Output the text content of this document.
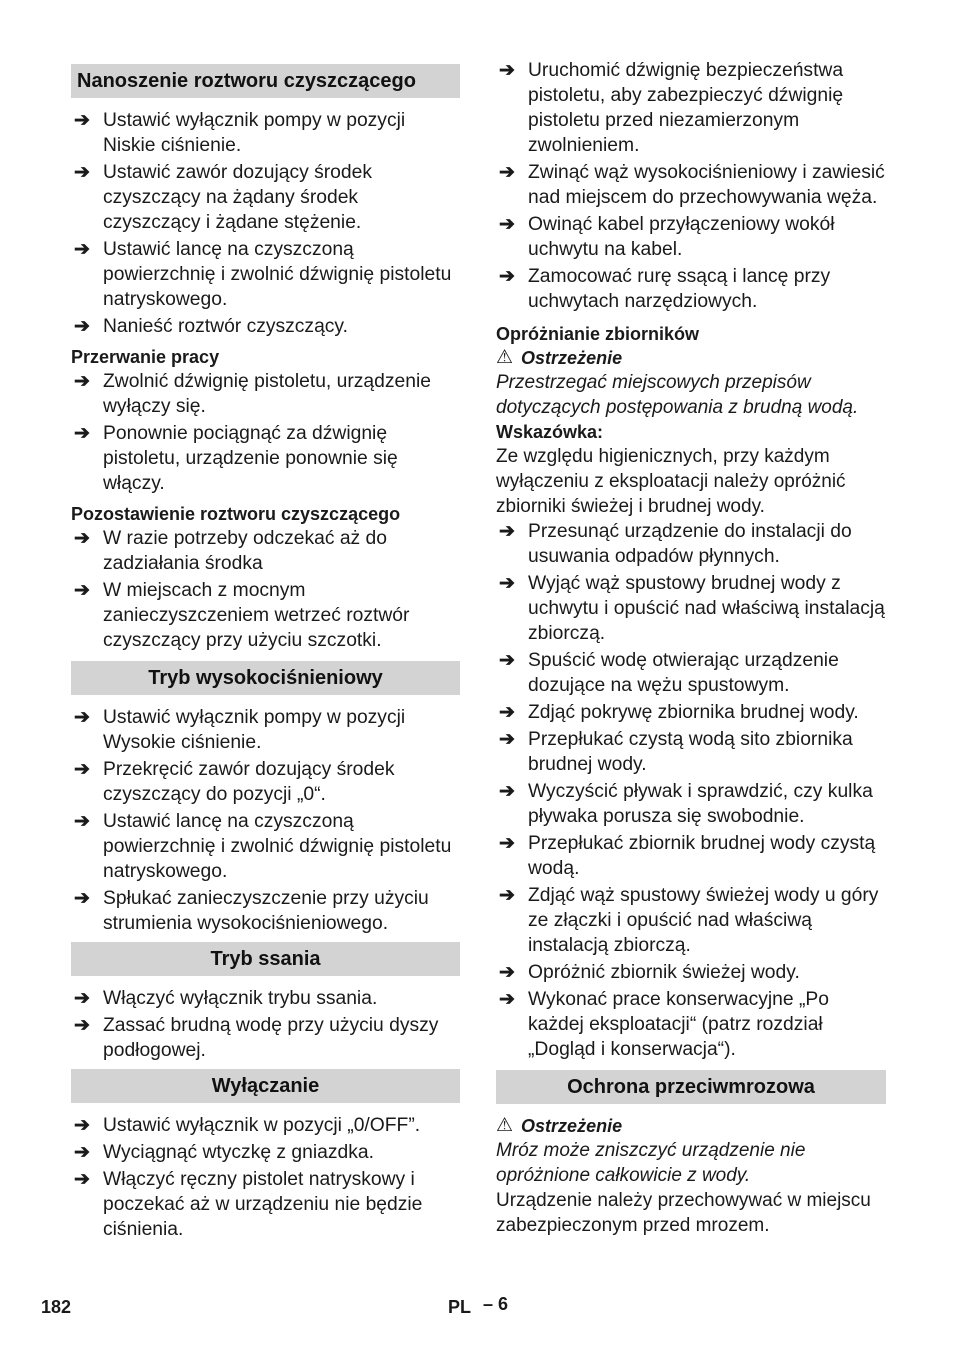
Nanoszenie roztworu czyszczącego
➔ Ustawić wyłącznik pompy w pozycji Niskie ciśnienie.
➔ Ustawić zawór dozujący środek czyszczący na żądany środek czyszczący i żądane stężenie.
➔ Ustawić lancę na czyszczoną powierzchnię i zwolnić dźwignię pistoletu natryskowego.
➔ Nanieść roztwór czyszczący.
Przerwanie pracy
➔ Zwolnić dźwignię pistoletu, urządzenie wyłączy się.
➔ Ponownie pociągnąć za dźwignię pistoletu, urządzenie ponownie się włączy.
Pozostawienie roztworu czyszczącego
➔ W razie potrzeby odczekać aż do zadziałania środka
➔ W miejscach z mocnym zanieczyszczeniem wetrzeć roztwór czyszczący przy użyciu szczotki.
Tryb wysokociśnieniowy
➔ Ustawić wyłącznik pompy w pozycji Wysokie ciśnienie.
➔ Przekręcić zawór dozujący środek czyszczący do pozycji „0“.
➔ Ustawić lancę na czyszczoną powierzchnię i zwolnić dźwignię pistoletu natryskowego.
➔ Spłukać zanieczyszczenie przy użyciu strumienia wysokociśnieniowego.
Tryb ssania
➔ Włączyć wyłącznik trybu ssania.
➔ Zassać brudną wodę przy użyciu dyszy podłogowej.
Wyłączanie
➔ Ustawić wyłącznik w pozycji „0/OFF”.
➔ Wyciągnąć wtyczkę z gniazdka.
➔ Włączyć ręczny pistolet natryskowy i poczekać aż w urządzeniu nie będzie ciśnienia.
➔ Uruchomić dźwignię bezpieczeństwa pistoletu, aby zabezpieczyć dźwignię pistoletu przed niezamierzonym zwolnieniem.
➔ Zwinąć wąż wysokociśnieniowy i zawiesić nad miejscem do przechowywania węża.
➔ Owinąć kabel przyłączeniowy wokół uchwytu na kabel.
➔ Zamocować rurę ssącą i lancę przy uchwytach narzędziowych.
Opróżnianie zbiorników
⚠ Ostrzeżenie
Przestrzegać miejscowych przepisów dotyczących postępowania z brudną wodą.
Wskazówka:
Ze względu higienicznych, przy każdym wyłączeniu z eksploatacji należy opróżnić zbiorniki świeżej i brudnej wody.
➔ Przesunąć urządzenie do instalacji do usuwania odpadów płynnych.
➔ Wyjąć wąż spustowy brudnej wody z uchwytu i opuścić nad właściwą instalacją zbiorczą.
➔ Spuścić wodę otwierając urządzenie dozujące na wężu spustowym.
➔ Zdjąć pokrywę zbiornika brudnej wody.
➔ Przepłukać czystą wodą sito zbiornika brudnej wody.
➔ Wyczyścić pływak i sprawdzić, czy kulka pływaka porusza się swobodnie.
➔ Przepłukać zbiornik brudnej wody czystą wodą.
➔ Zdjąć wąż spustowy świeżej wody u góry ze złączki i opuścić nad właściwą instalacją zbiorczą.
➔ Opróżnić zbiornik świeżej wody.
➔ Wykonać prace konserwacyjne „Po każdej eksploatacji“ (patrz rozdział „Dogląd i konserwacja“).
Ochrona przeciwmrozowa
⚠ Ostrzeżenie
Mróz może zniszczyć urządzenie nie opróżnione całkowicie z wody.
Urządzenie należy przechowywać w miejscu zabezpieczonym przed mrozem.
182	PL – 6
